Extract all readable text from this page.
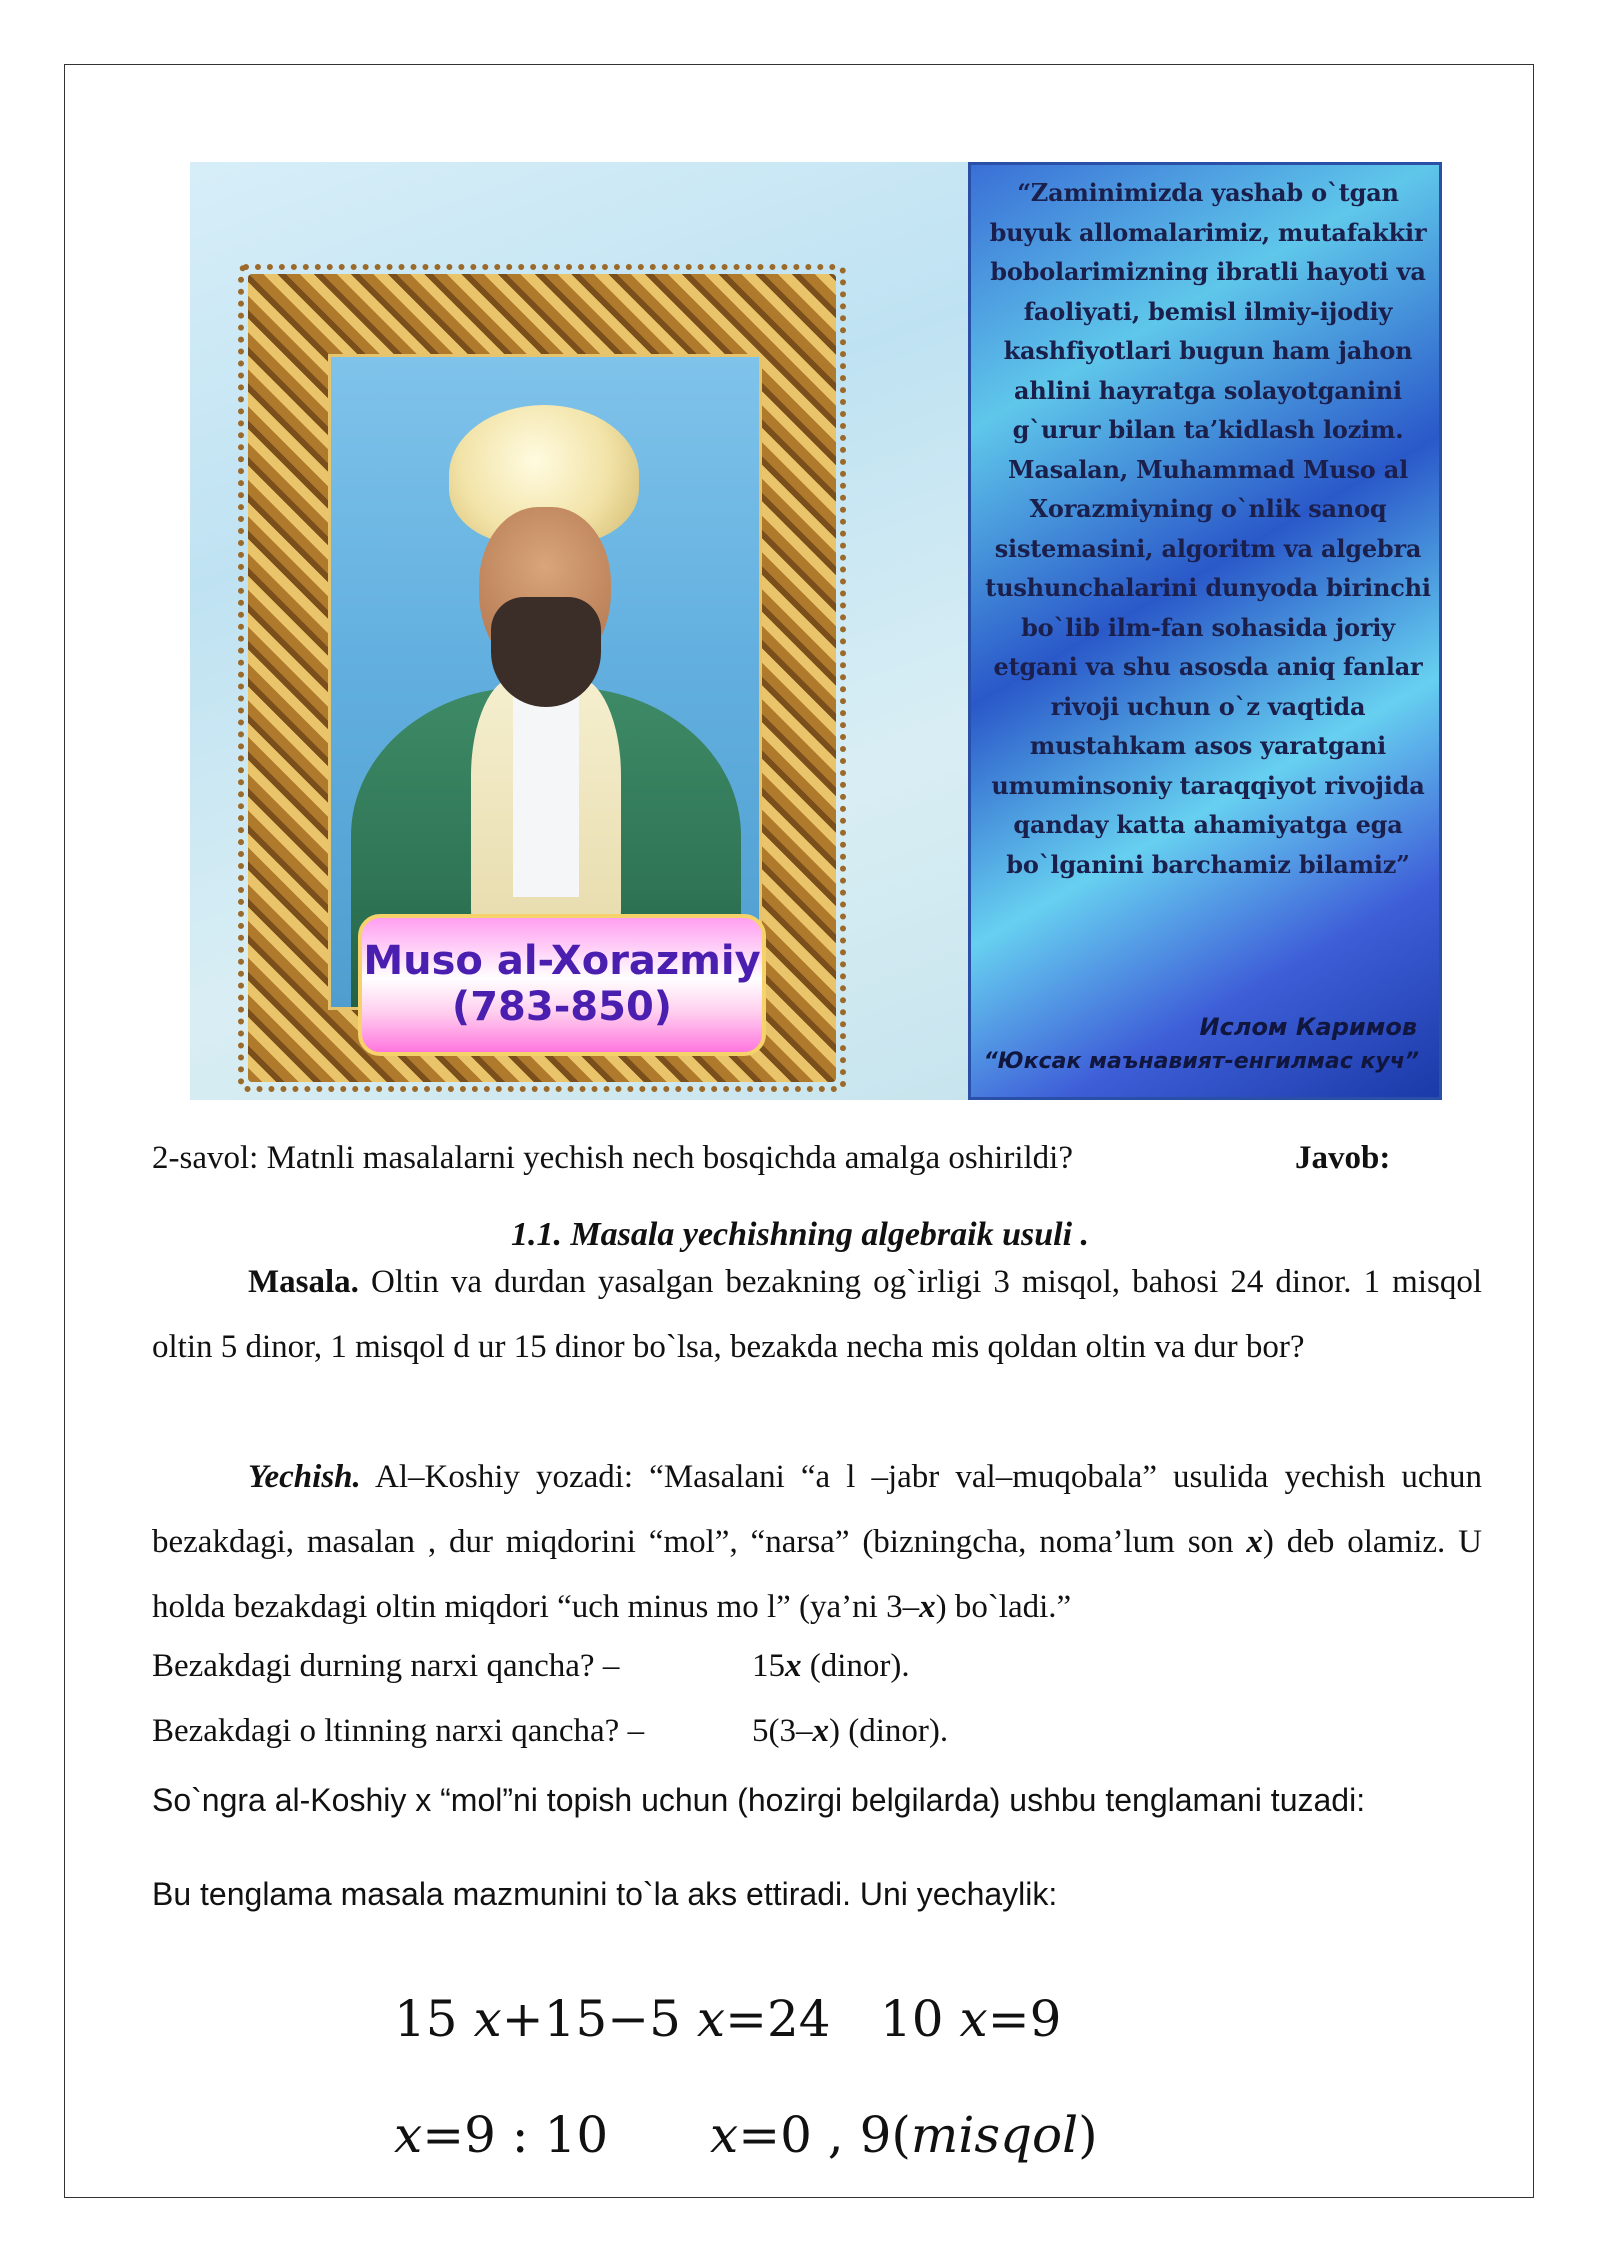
Muso al-Xorazmiy
(783-850)
“Zaminimizda yashab o`tgan buyuk allomalarimiz, mutafakkir bobolarimizning ibratli hayoti va faoliyati, bemisl ilmiy-ijodiy kashfiyotlari bugun ham jahon ahlini hayratga solayotganini g`urur bilan ta’kidlash lozim. Masalan, Muhammad Muso al Xorazmiyning o`nlik sanoq sistemasini, algoritm va algebra tushunchalarini dunyoda birinchi bo`lib ilm-fan sohasida joriy etgani va shu asosda aniq fanlar rivoji uchun o`z vaqtida mustahkam asos yaratgani umuminsoniy taraqqiyot rivojida qanday katta ahamiyatga ega bo`lganini barchamiz bilamiz”
Ислом Каримов
“Юксак маънавият-енгилмас куч”
2-savol: Matnli masalalarni yechish nech bosqichda amalga oshirildi?	Javob:
1.1. Masala yechishning algebraik usuli .
Masala. Oltin va durdan yasalgan bezakning og`irligi 3 misqol, bahosi 24 dinor. 1 misqol oltin 5 dinor, 1 misqol d ur 15 dinor bo`lsa, bezakda necha mis qoldan oltin va dur bor?
Yechish. Al–Koshiy yozadi: “Masalani “a l –jabr val–muqobala” usulida yechish uchun bezakdagi, masalan , dur miqdorini “mol”, “narsa” (bizningcha, noma’lum son x) deb olamiz. U holda bezakdagi oltin miqdori “uch minus mo l” (ya’ni 3–x) bo`ladi.”
Bezakdagi durning narxi qancha? –	15x (dinor).
Bezakdagi o ltinning narxi qancha? –	5(3–x) (dinor).
So`ngra al-Koshiy x “mol”ni topish uchun (hozirgi belgilarda) ushbu tenglamani tuzadi:
Bu tenglama masala mazmunini to`la aks ettiradi. Uni yechaylik:
15 x+15−5 x=24 10 x=9
x=9 : 10 x=0 , 9(misqol)
